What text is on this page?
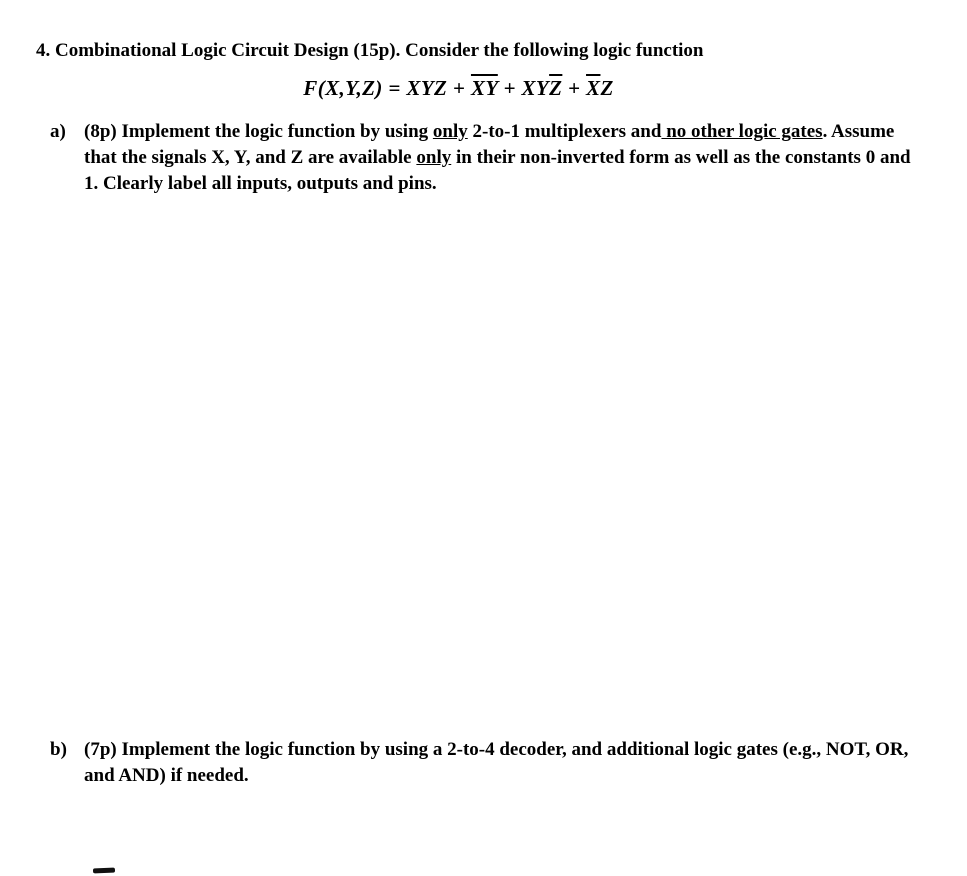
4. Combinational Logic Circuit Design (15p). Consider the following logic function

F(X,Y,Z) = XYZ + $\overline{XY} + XY\overline{Z} + \overline{X}Z$
a) (8p) Implement the logic function by using only 2-to-1 multiplexers and no other logic gates. Assume that the signals X, Y, and Z are available only in their non-inverted form as well as the constants 0 and 1. Clearly label all inputs, outputs and pins.
b) (7p) Implement the logic function by using a 2-to-4 decoder, and additional logic gates (e.g., NOT, OR, and AND) if needed.
